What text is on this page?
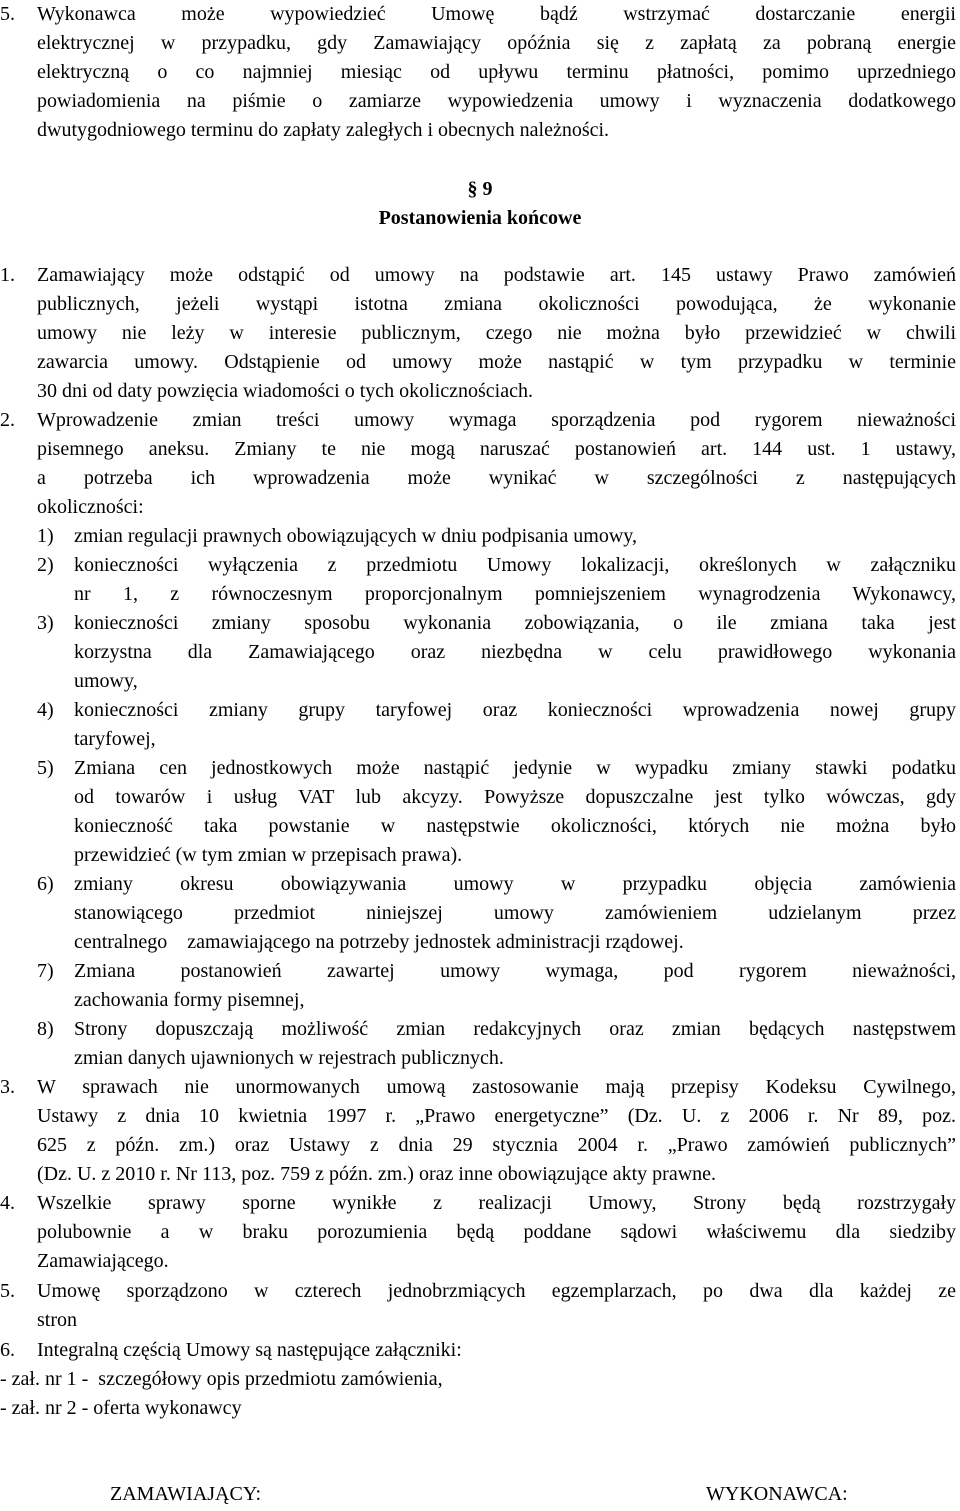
5. Wykonawca może wypowiedzieć Umowę bądź wstrzymać dostarczanie energii
elektrycznej w przypadku, gdy Zamawiający opóźnia się z zapłatą za pobraną energie
elektryczną o co najmniej miesiąc od upływu terminu płatności, pomimo uprzedniego
powiadomienia na piśmie o zamiarze wypowiedzenia umowy i wyznaczenia dodatkowego
dwutygodniowego terminu do zapłaty zaległych i obecnych należności.
§ 9
Postanowienia końcowe
1. Zamawiający może odstąpić od umowy na podstawie art. 145 ustawy Prawo zamówień
publicznych, jeżeli wystąpi istotna zmiana okoliczności powodująca, że wykonanie
umowy nie leży w interesie publicznym, czego nie można było przewidzieć w chwili
zawarcia umowy. Odstąpienie od umowy może nastąpić w tym przypadku w terminie
30 dni od daty powzięcia wiadomości o tych okolicznościach.
2. Wprowadzenie zmian treści umowy wymaga sporządzenia pod rygorem nieważności
pisemnego aneksu. Zmiany te nie mogą naruszać postanowień art. 144 ust. 1 ustawy,
a potrzeba ich wprowadzenia może wynikać w szczególności z następujących
okoliczności:
1) zmian regulacji prawnych obowiązujących w dniu podpisania umowy,
2) konieczności wyłączenia z przedmiotu Umowy lokalizacji, określonych w załączniku
nr 1, z równoczesnym proporcjonalnym pomniejszeniem wynagrodzenia Wykonawcy,
3) konieczności zmiany sposobu wykonania zobowiązania, o ile zmiana taka jest
korzystna dla Zamawiającego oraz niezbędna w celu prawidłowego wykonania
umowy,
4) konieczności zmiany grupy taryfowej oraz konieczności wprowadzenia nowej grupy
taryfowej,
5) Zmiana cen jednostkowych może nastąpić jedynie w wypadku zmiany stawki podatku
od towarów i usług VAT lub akcyzy. Powyższe dopuszczalne jest tylko wówczas, gdy
konieczność taka powstanie w następstwie okoliczności, których nie można było
przewidzieć (w tym zmian w przepisach prawa).
6) zmiany okresu obowiązywania umowy w przypadku objęcia zamówienia
stanowiącego przedmiot niniejszej umowy zamówieniem udzielanym przez
centralnego    zamawiającego na potrzeby jednostek administracji rządowej.
7) Zmiana postanowień zawartej umowy wymaga, pod rygorem nieważności,
zachowania formy pisemnej,
8) Strony dopuszczają możliwość zmian redakcyjnych oraz zmian będących następstwem
zmian danych ujawnionych w rejestrach publicznych.
3. W sprawach nie unormowanych umową zastosowanie mają przepisy Kodeksu Cywilnego,
Ustawy z dnia 10 kwietnia 1997 r. „Prawo energetyczne” (Dz. U. z 2006 r. Nr 89, poz.
625 z późn. zm.) oraz Ustawy z dnia 29 stycznia 2004 r. „Prawo zamówień publicznych”
(Dz. U. z 2010 r. Nr 113, poz. 759 z późn. zm.) oraz inne obowiązujące akty prawne.
4. Wszelkie sprawy sporne wynikłe z realizacji Umowy, Strony będą rozstrzygały
polubownie a w braku porozumienia będą poddane sądowi właściwemu dla siedziby
Zamawiającego.
5. Umowę sporządzono w czterech jednobrzmiących egzemplarzach, po dwa dla każdej ze
stron
6. Integralną częścią Umowy są następujące załączniki:
- zał. nr 1 -  szczegółowy opis przedmiotu zamówienia,
- zał. nr 2 - oferta wykonawcy
ZAMAWIAJĄCY:	WYKONAWCA:
